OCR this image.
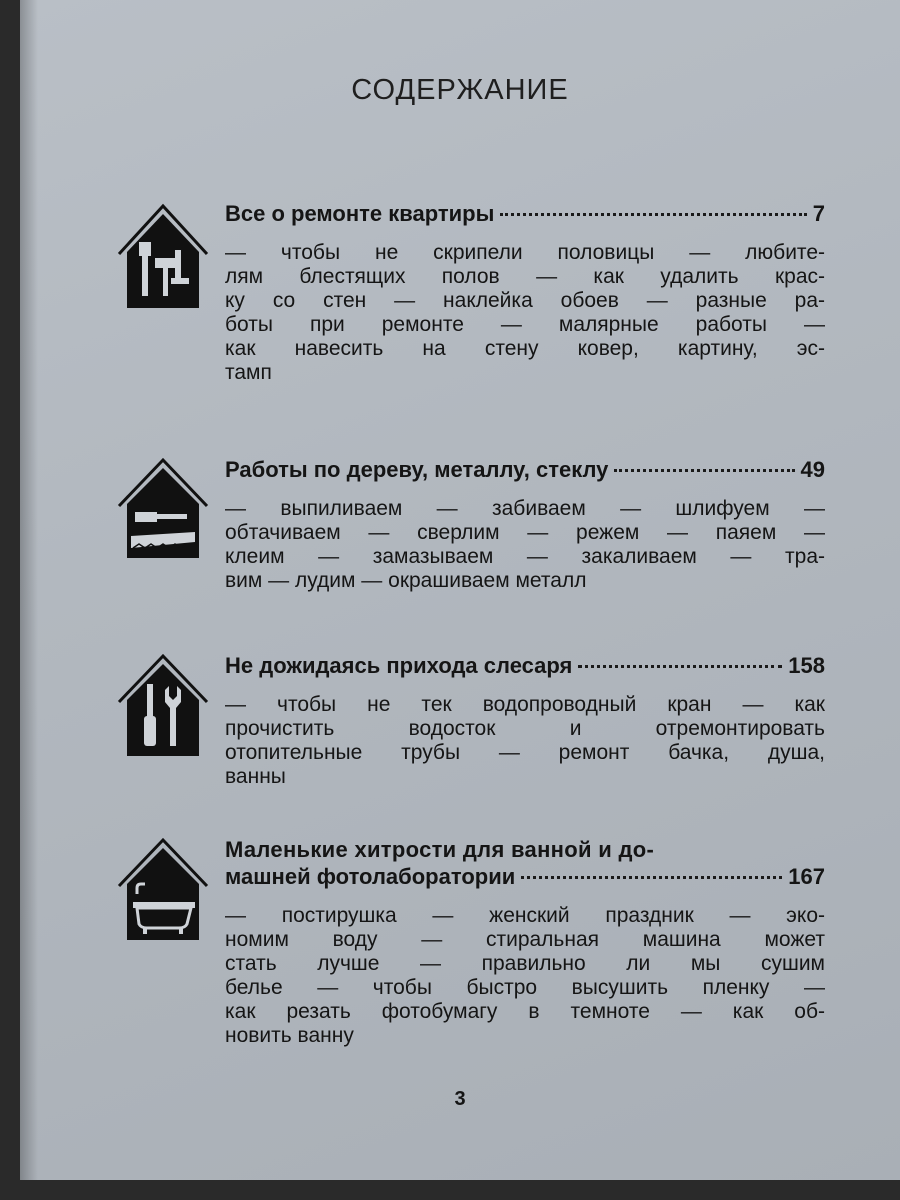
СОДЕРЖАНИЕ
Все о ремонте квартиры	7
— чтобы не скрипели половицы — любите-
лям блестящих полов — как удалить крас-
ку со стен — наклейка обоев — разные ра-
боты при ремонте — малярные работы —
как навесить на стену ковер, картину, эс-
тамп
Работы по дереву, металлу, стеклу	49
— выпиливаем — забиваем — шлифуем —
обтачиваем — сверлим — режем — паяем —
клеим — замазываем — закаливаем — тра-
вим — лудим — окрашиваем металл
Не дожидаясь прихода слесаря	158
— чтобы не тек водопроводный кран — как
прочистить водосток и отремонтировать
отопительные трубы — ремонт бачка, душа,
ванны
Маленькие хитрости для ванной и до-
машней фотолаборатории	167
— постирушка — женский праздник — эко-
номим воду — стиральная машина может
стать лучше — правильно ли мы сушим
белье — чтобы быстро высушить пленку —
как резать фотобумагу в темноте — как об-
новить ванну
3
